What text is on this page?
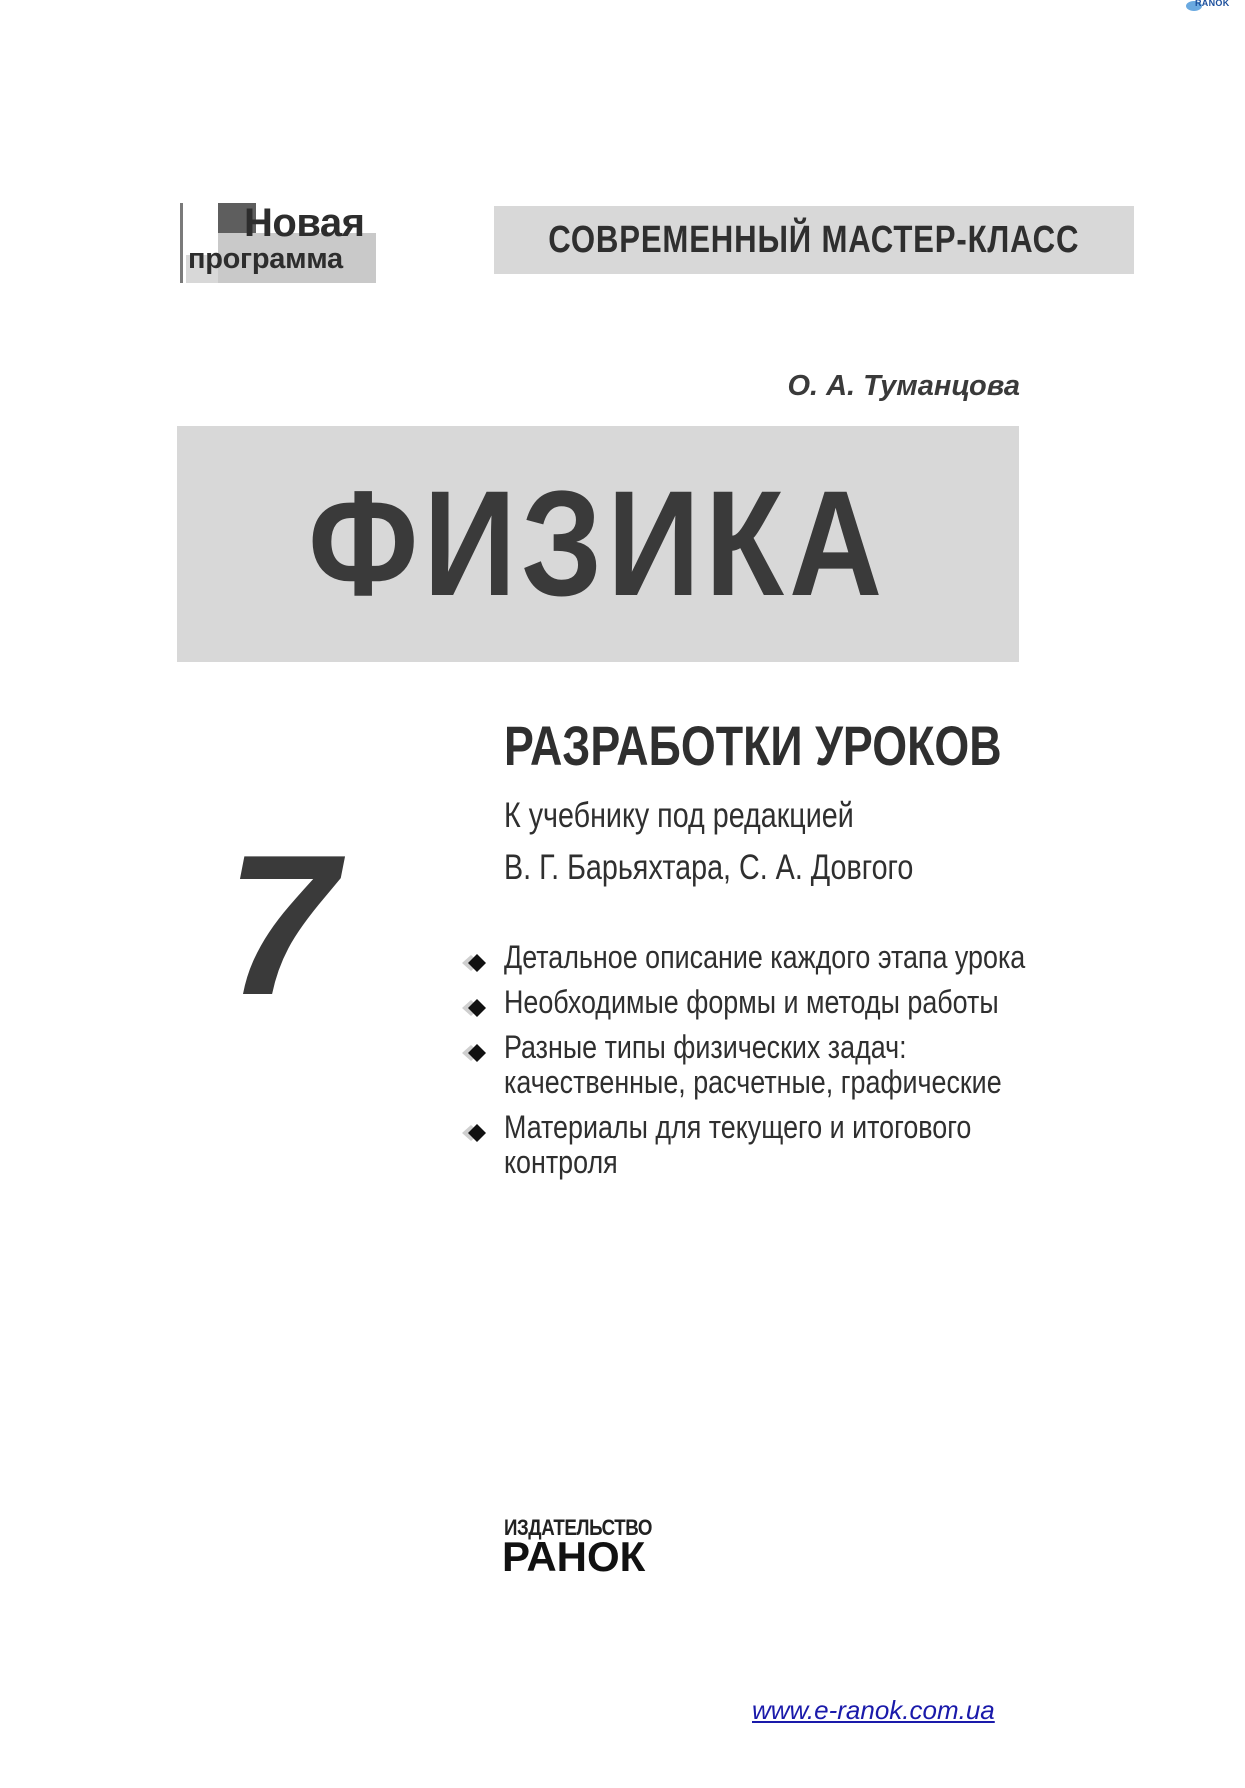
RANOK
Новая
программа	СОВРЕМЕННЫЙ МАСТЕР-КЛАСС
О. А. Туманцова
ФИЗИКА
7
РАЗРАБОТКИ УРОКОВ
К учебнику под редакцией
В. Г. Барьяхтара, С. А. Довгого
Детальное описание каждого этапа урока
Необходимые формы и методы работы
Разные типы физических задач:
качественные, расчетные, графические
Материалы для текущего и итогового
контроля
ИЗДАТЕЛЬСТВО
РАНОК
www.e-ranok.com.ua
